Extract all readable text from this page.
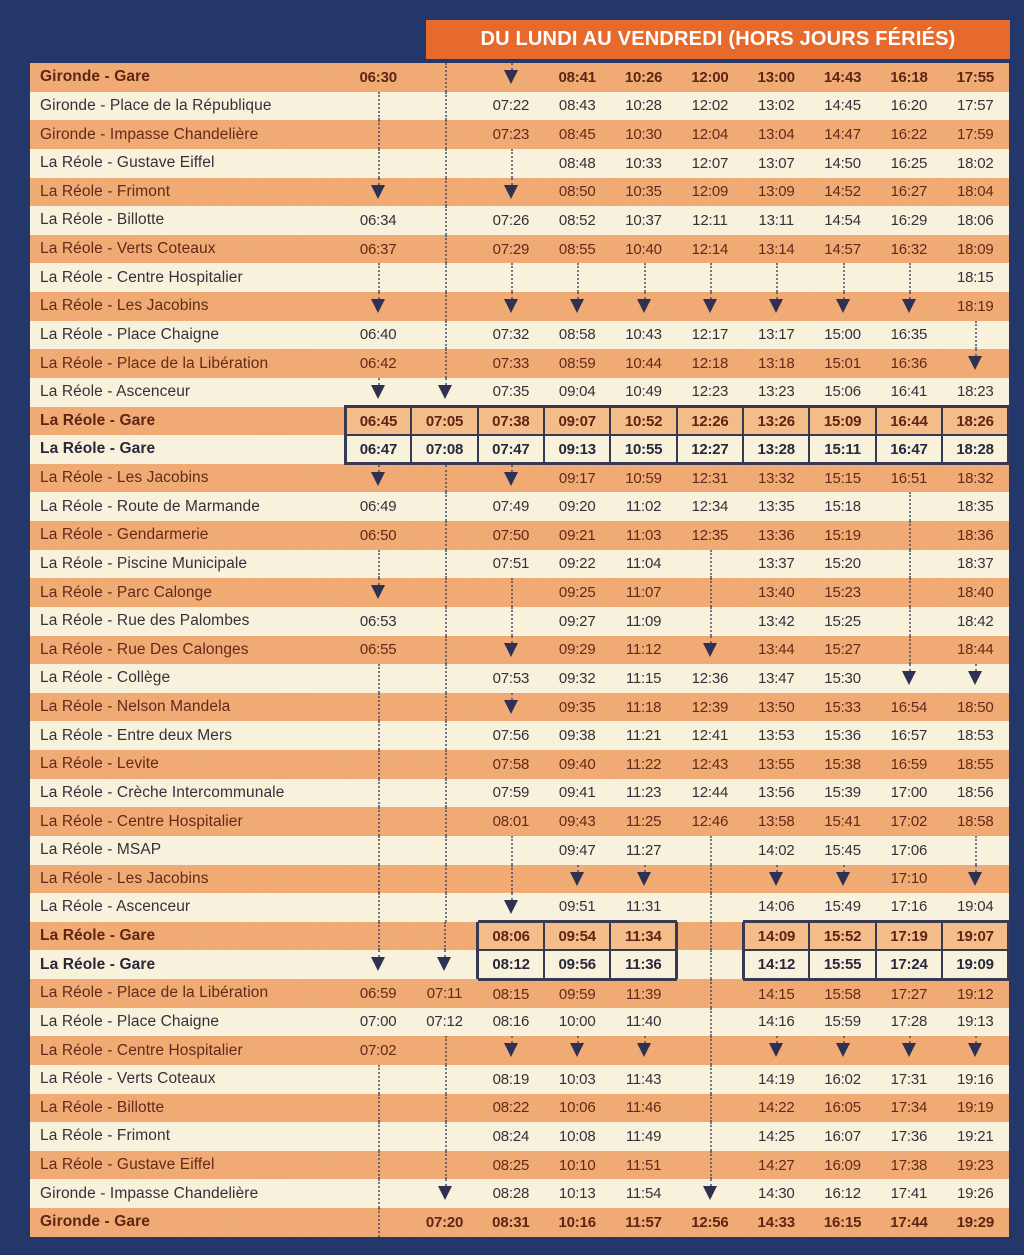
DU LUNDI AU VENDREDI (HORS JOURS FÉRIÉS)
Gironde - Gare	06:30			08:41	10:26	12:00	13:00	14:43	16:18	17:55
Gironde - Place de la République			07:22	08:43	10:28	12:02	13:02	14:45	16:20	17:57
Gironde - Impasse Chandelière			07:23	08:45	10:30	12:04	13:04	14:47	16:22	17:59
La Réole - Gustave Eiffel				08:48	10:33	12:07	13:07	14:50	16:25	18:02
La Réole - Frimont				08:50	10:35	12:09	13:09	14:52	16:27	18:04
La Réole - Billotte	06:34		07:26	08:52	10:37	12:11	13:11	14:54	16:29	18:06
La Réole - Verts Coteaux	06:37		07:29	08:55	10:40	12:14	13:14	14:57	16:32	18:09
La Réole - Centre Hospitalier										18:15
La Réole - Les Jacobins										18:19
La Réole - Place Chaigne	06:40		07:32	08:58	10:43	12:17	13:17	15:00	16:35	

La Réole - Place de la Libération	06:42		07:33	08:59	10:44	12:18	13:18	15:01	16:36	

La Réole - Ascenceur			07:35	09:04	10:49	12:23	13:23	15:06	16:41	18:23
La Réole - Gare	06:45	07:05	07:38	09:07	10:52	12:26	13:26	15:09	16:44	18:26
La Réole - Gare	06:47	07:08	07:47	09:13	10:55	12:27	13:28	15:11	16:47	18:28
La Réole - Les Jacobins				09:17	10:59	12:31	13:32	15:15	16:51	18:32
La Réole - Route de Marmande	06:49		07:49	09:20	11:02	12:34	13:35	15:18		18:35
La Réole - Gendarmerie	06:50		07:50	09:21	11:03	12:35	13:36	15:19		18:36
La Réole - Piscine Municipale			07:51	09:22	11:04		13:37	15:20		18:37
La Réole - Parc Calonge				09:25	11:07		13:40	15:23		18:40
La Réole - Rue des Palombes	06:53			09:27	11:09		13:42	15:25		18:42
La Réole - Rue Des Calonges	06:55			09:29	11:12		13:44	15:27		18:44
La Réole - Collège			07:53	09:32	11:15	12:36	13:47	15:30	

La Réole - Nelson Mandela				09:35	11:18	12:39	13:50	15:33	16:54	18:50
La Réole - Entre deux Mers			07:56	09:38	11:21	12:41	13:53	15:36	16:57	18:53
La Réole - Levite			07:58	09:40	11:22	12:43	13:55	15:38	16:59	18:55
La Réole - Crèche Intercommunale			07:59	09:41	11:23	12:44	13:56	15:39	17:00	18:56
La Réole - Centre Hospitalier			08:01	09:43	11:25	12:46	13:58	15:41	17:02	18:58
La Réole - MSAP				09:47	11:27		14:02	15:45	17:06	

La Réole - Les Jacobins									17:10	

La Réole - Ascenceur				09:51	11:31		14:06	15:49	17:16	19:04
La Réole - Gare			08:06	09:54	11:34		14:09	15:52	17:19	19:07
La Réole - Gare			08:12	09:56	11:36		14:12	15:55	17:24	19:09
La Réole - Place de la Libération	06:59	07:11	08:15	09:59	11:39		14:15	15:58	17:27	19:12
La Réole - Place Chaigne	07:00	07:12	08:16	10:00	11:40		14:16	15:59	17:28	19:13
La Réole - Centre Hospitalier	07:02	

La Réole - Verts Coteaux			08:19	10:03	11:43		14:19	16:02	17:31	19:16
La Réole - Billotte			08:22	10:06	11:46		14:22	16:05	17:34	19:19
La Réole - Frimont			08:24	10:08	11:49		14:25	16:07	17:36	19:21
La Réole - Gustave Eiffel			08:25	10:10	11:51		14:27	16:09	17:38	19:23
Gironde - Impasse Chandelière			08:28	10:13	11:54		14:30	16:12	17:41	19:26
Gironde - Gare		07:20	08:31	10:16	11:57	12:56	14:33	16:15	17:44	19:29
